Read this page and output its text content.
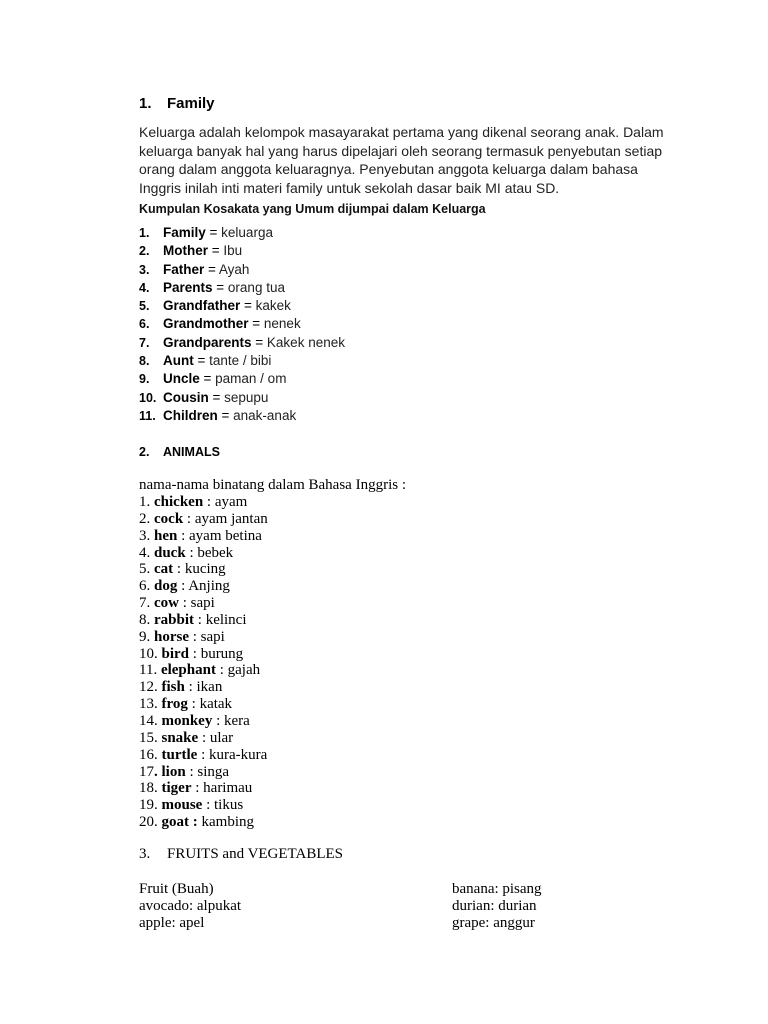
1. Family
Keluarga adalah kelompok masayarakat pertama yang dikenal seorang anak. Dalam keluarga banyak hal yang harus dipelajari oleh seorang termasuk penyebutan setiap orang dalam anggota keluaragnya. Penyebutan anggota keluarga dalam bahasa Inggris inilah inti materi family untuk sekolah dasar baik MI atau SD.
Kumpulan Kosakata yang Umum dijumpai dalam Keluarga
1. Family = keluarga
2. Mother = Ibu
3. Father = Ayah
4. Parents = orang tua
5. Grandfather = kakek
6. Grandmother = nenek
7. Grandparents = Kakek nenek
8. Aunt = tante / bibi
9. Uncle = paman / om
10. Cousin = sepupu
11. Children = anak-anak
2. ANIMALS
nama-nama binatang dalam Bahasa Inggris :
1. chicken : ayam
2. cock : ayam jantan
3. hen : ayam betina
4. duck : bebek
5. cat : kucing
6. dog : Anjing
7. cow : sapi
8. rabbit : kelinci
9. horse : sapi
10. bird : burung
11. elephant : gajah
12. fish : ikan
13. frog : katak
14. monkey : kera
15. snake : ular
16. turtle : kura-kura
17. lion : singa
18. tiger : harimau
19. mouse : tikus
20. goat : kambing
3. FRUITS and VEGETABLES
Fruit (Buah)
avocado: alpukat
apple: apel
banana: pisang
durian: durian
grape: anggur
